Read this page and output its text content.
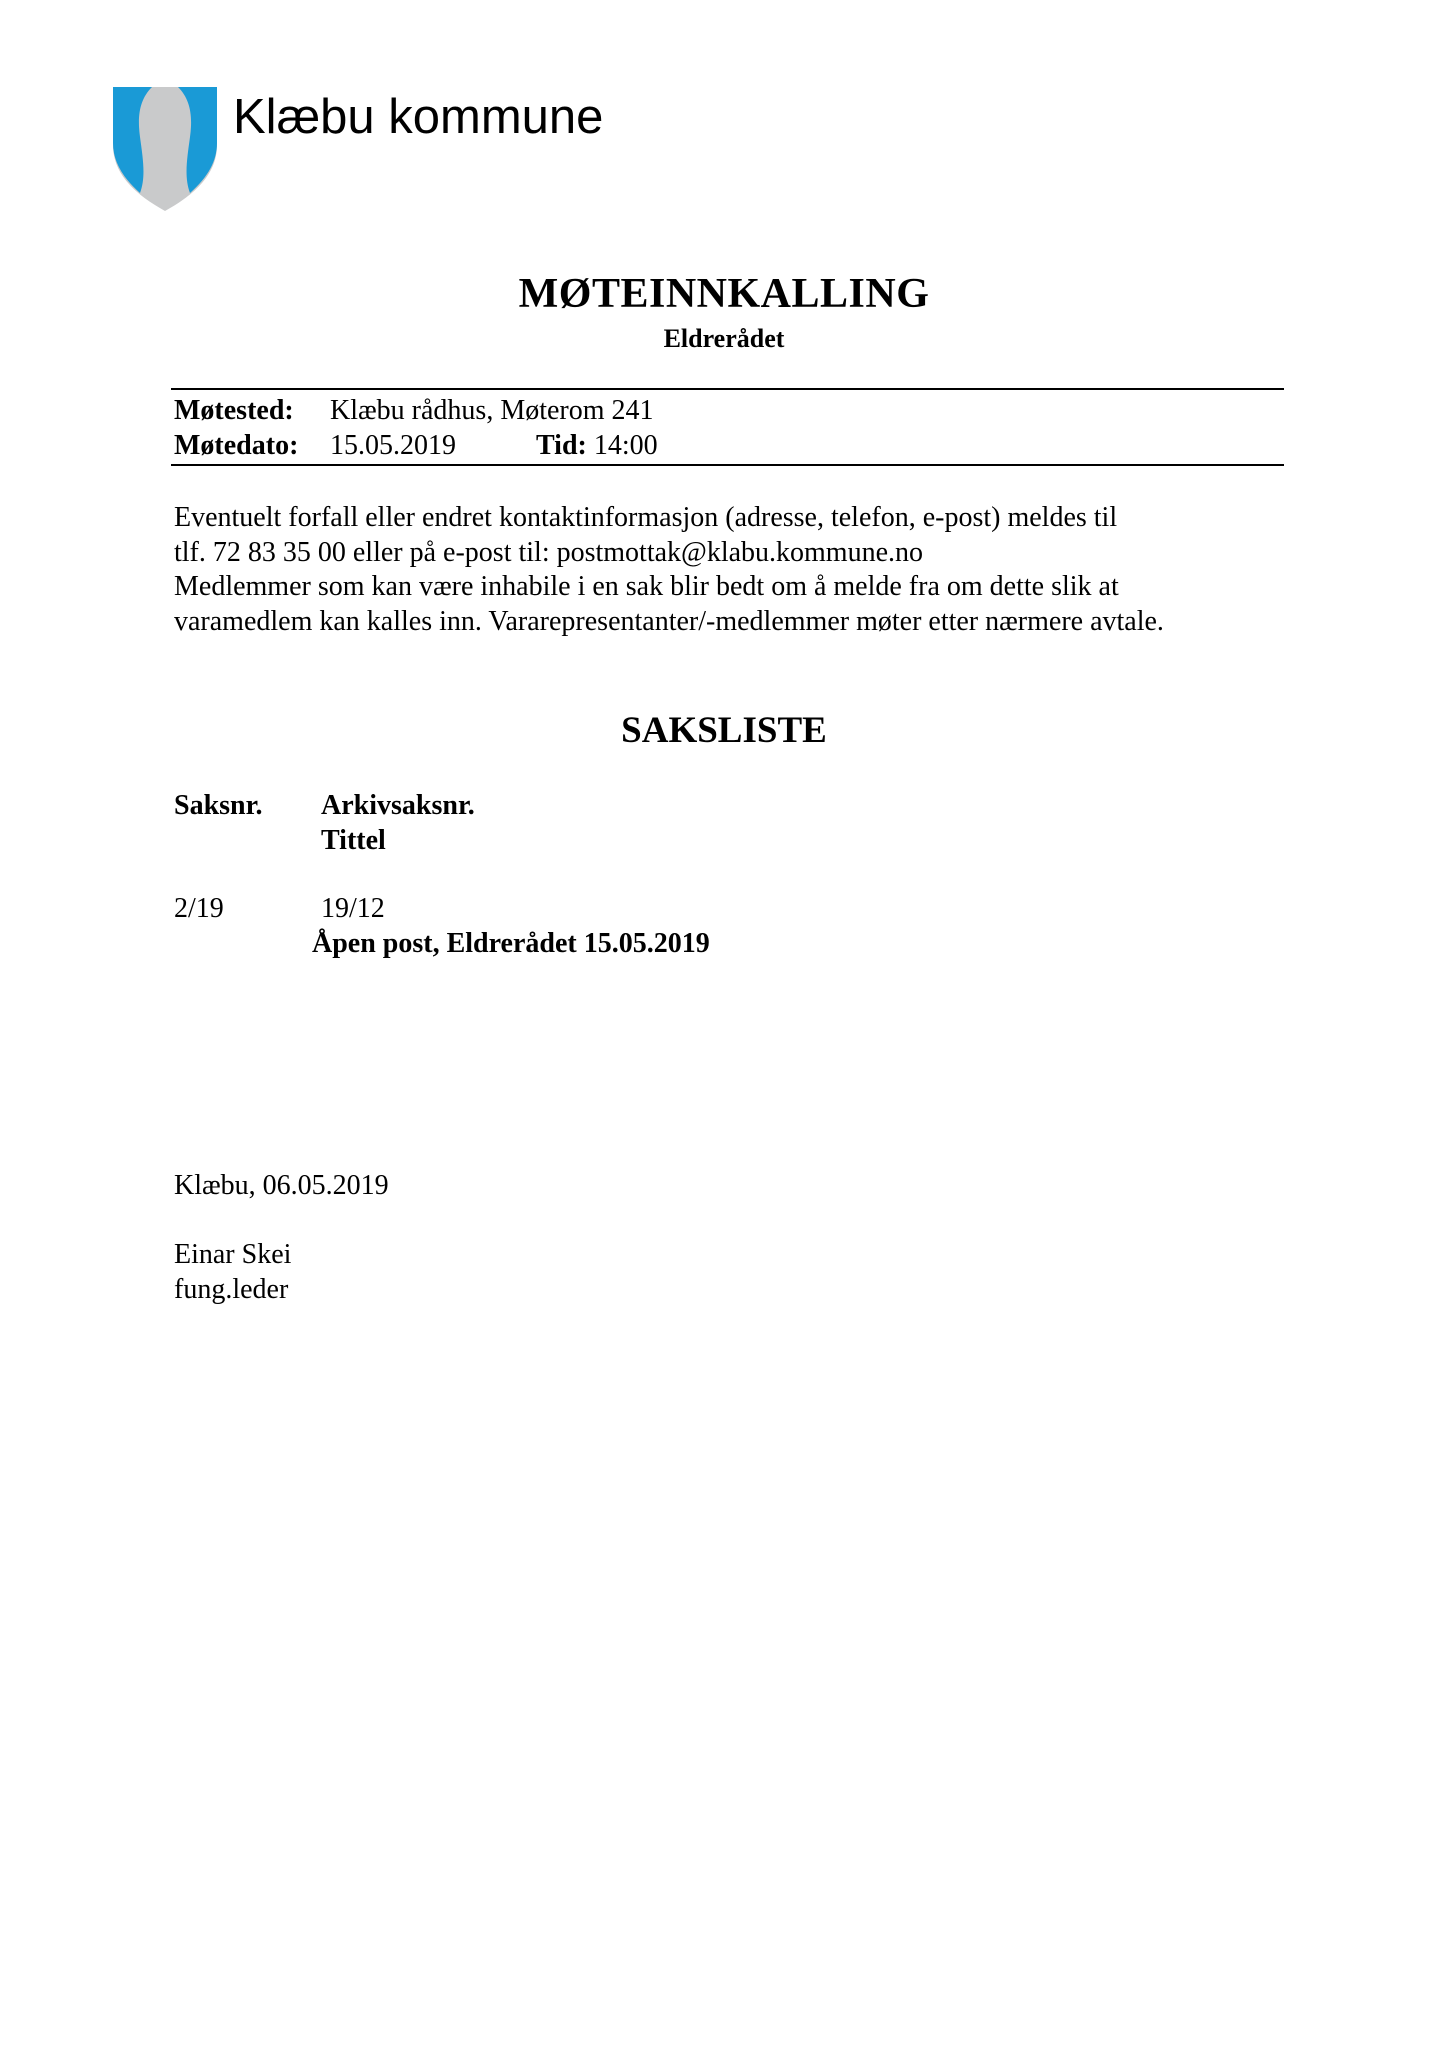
Klæbu kommune
MØTEINNKALLING
Eldrerådet
Møtested: Klæbu rådhus, Møterom 241
Møtedato: 15.05.2019	Tid: 14:00
Eventuelt forfall eller endret kontaktinformasjon (adresse, telefon, e-post) meldes til
tlf. 72 83 35 00 eller på e-post til: postmottak@klabu.kommune.no
Medlemmer som kan være inhabile i en sak blir bedt om å melde fra om dette slik at
varamedlem kan kalles inn. Vararepresentanter/-medlemmer møter etter nærmere avtale.
SAKSLISTE
Saksnr. Arkivsaksnr.
Tittel
2/19	19/12
Åpen post, Eldrerådet 15.05.2019
Klæbu, 06.05.2019
Einar Skei
fung.leder
